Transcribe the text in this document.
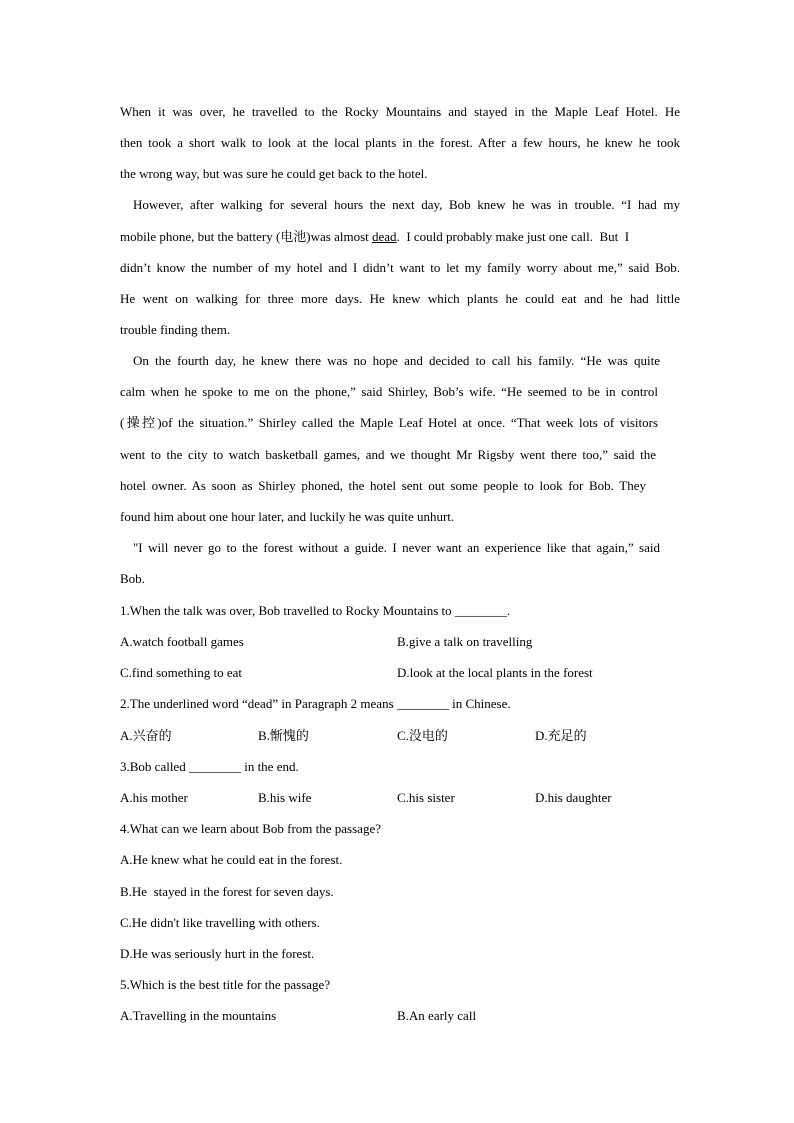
When it was over, he travelled to the Rocky Mountains and stayed in the Maple Leaf Hotel. He
then took a short walk to look at the local plants in the forest. After a few hours, he knew he took
the wrong way, but was sure he could get back to the hotel.
However, after walking for several hours the next day, Bob knew he was in trouble. “I had my
mobile phone, but the battery (电池)was almost dead.  I could probably make just one call.  But  I
didn’t know the number of my hotel and I didn’t want to let my family worry about me,” said Bob.
He went on walking for three more days. He knew which plants he could eat and he had little
trouble finding them.
On the fourth day, he knew there was no hope and decided to call his family. “He was quite
calm when he spoke to me on the phone,” said Shirley, Bob’s wife. “He seemed to be in control
(操控)of the situation.” Shirley called the Maple Leaf Hotel at once. “That week lots of visitors
went to the city to watch basketball games, and we thought Mr Rigsby went there too,” said the
hotel owner. As soon as Shirley phoned, the hotel sent out some people to look for Bob. They
found him about one hour later, and luckily he was quite unhurt.
"I will never go to the forest without a guide. I never want an experience like that again,” said
Bob.
1.When the talk was over, Bob travelled to Rocky Mountains to ________.
A.watch football games	B.give a talk on travelling
C.find something to eat	D.look at the local plants in the forest
2.The underlined word “dead” in Paragraph 2 means ________ in Chinese.
A.兴奋的	B.惭愧的	C.没电的	D.充足的
3.Bob called ________ in the end.
A.his mother	B.his wife	C.his sister	D.his daughter
4.What can we learn about Bob from the passage?
A.He knew what he could eat in the forest.
B.He  stayed in the forest for seven days.
C.He didn't like travelling with others.
D.He was seriously hurt in the forest.
5.Which is the best title for the passage?
A.Travelling in the mountains	B.An early call
